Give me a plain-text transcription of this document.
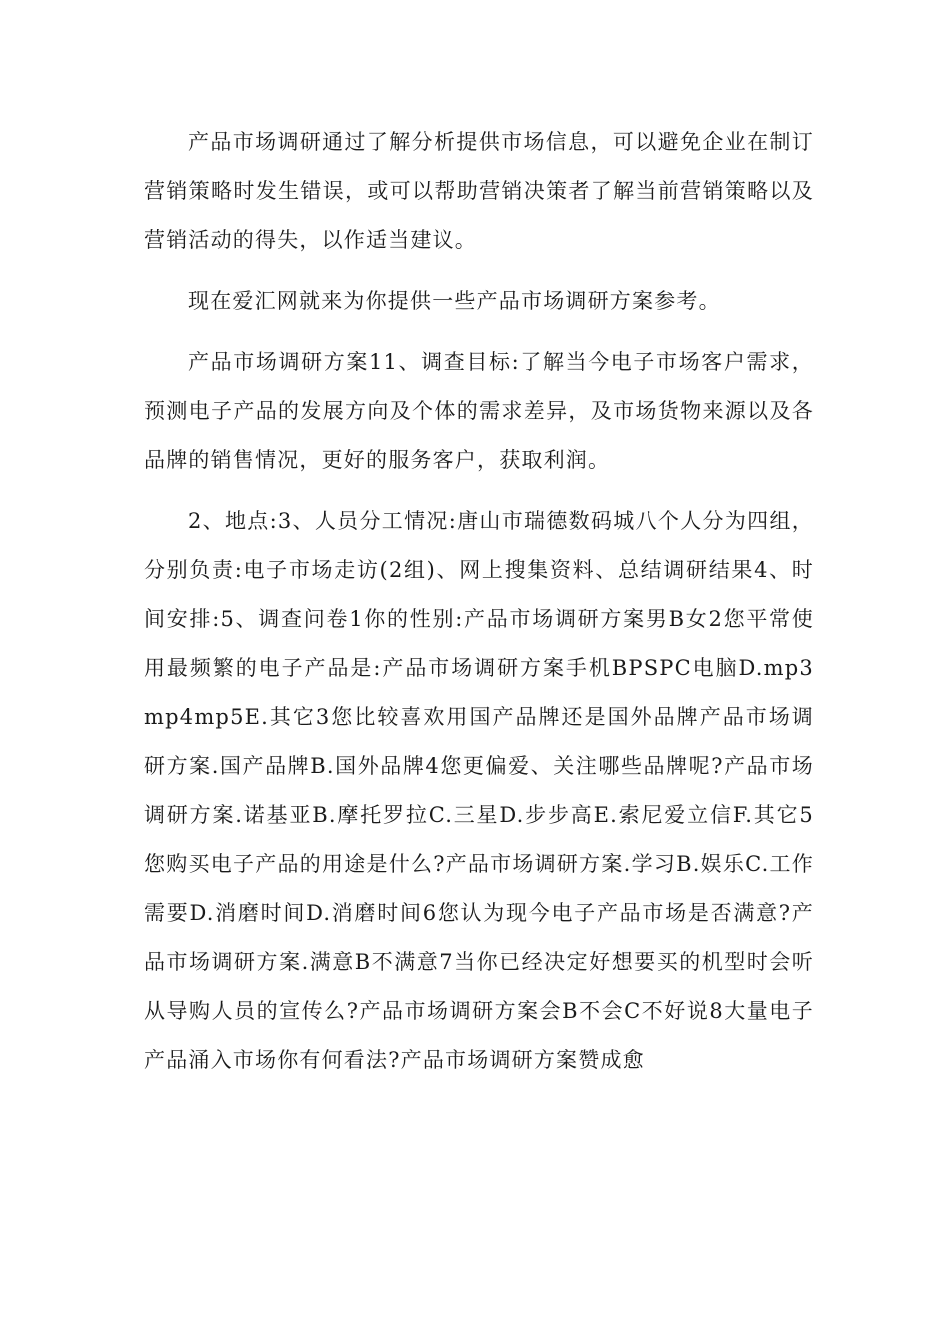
产品市场调研通过了解分析提供市场信息，可以避免企业在制订营销策略时发生错误，或可以帮助营销决策者了解当前营销策略以及营销活动的得失，以作适当建议。

现在爱汇网就来为你提供一些产品市场调研方案参考。

产品市场调研方案11、调查目标:了解当今电子市场客户需求，预测电子产品的发展方向及个体的需求差异，及市场货物来源以及各品牌的销售情况，更好的服务客户，获取利润。

2、地点:3、人员分工情况:唐山市瑞德数码城八个人分为四组，分别负责:电子市场走访(2组)、网上搜集资料、总结调研结果4、时间安排:5、调查问卷1你的性别:产品市场调研方案男B女2您平常使用最频繁的电子产品是:产品市场调研方案手机BPSPC电脑D.mp3mp4mp5E.其它3您比较喜欢用国产品牌还是国外品牌产品市场调研方案.国产品牌B.国外品牌4您更偏爱、关注哪些品牌呢?产品市场调研方案.诺基亚B.摩托罗拉C.三星D.步步高E.索尼爱立信F.其它5您购买电子产品的用途是什么?产品市场调研方案.学习B.娱乐C.工作需要D.消磨时间D.消磨时间6您认为现今电子产品市场是否满意?产品市场调研方案.满意B不满意7当你已经决定好想要买的机型时会听从导购人员的宣传么?产品市场调研方案会B不会C不好说8大量电子产品涌入市场你有何看法?产品市场调研方案赞成愈
